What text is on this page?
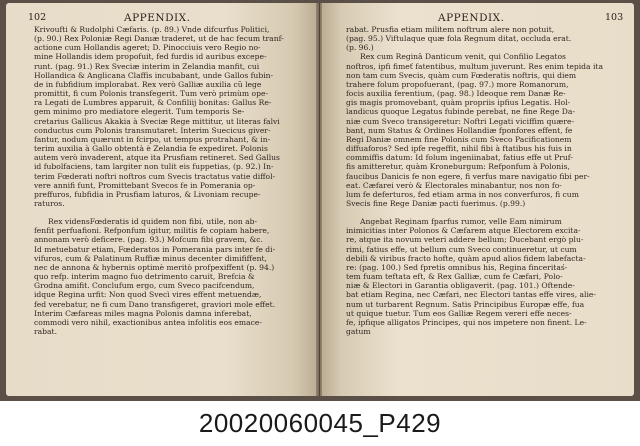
102	APPENDIX.
Krivoufti & Rudolphi Cæfaris. (p. 89.) Vnde difcurfus Politici,
(p. 90.) Rex Poloniæ Regi Danıæ traderet, ut de hac fecum tranf-
actione cum Hollandis ageret; D. Pinocciuis vero Regio no-
mine Hollandis idem propofuit, fed furdis id auribus excepe-
runt. (pag. 91.) Rex Sveciæ interim in Zelandia manfit, cui
Hollandica & Anglicana Claffis incubabant, unde Gallos fubin-
de in fubfidium implorabat. Rex verò Galliæ auxilia cũ lege
promittit, fi cum Polonis transfegerit. Tum verò primùm ope-
ra Legati de Lumbres apparuit, & Confiliij bonitas: Gallus Re-
gem minimo pro mediatore elegerit. Tum temporis Se-
cretarius Gallicus Akakia à Sveciæ Rege mittitur, ut literas falvi
conductus cum Polonis transmutaret. Interim Suecicus giver-
fantur, nodum quærunt in fcirpo, ut tempus protrahant, & in-
terim auxilia à Gallo obtentà è Zelandia fe expediret. Polonis
autem verò invaderent, atque ita Prusfiam retineret. Sed Gallus
id fubolfaciens, tam largiter non tulit eis fuppetias, (p. 92.) In-
terim Fœderati noftri noftros cum Svecis tractatus vatie diffol-
vere annifi funt, Promittebant Svecos fe in Pomerania op-
preffuros, fubfidia in Prusfiam laturos, & Livoniam recupe-
raturos.
Rex vidensFœderatis id quidem non fibi, utile, non ab-
fenfit perfuafioni. Refponfum igitur, militis fe copiam habere,
annonam verò deficere. (pag. 93.) Mofcum fibi gravem, &c.
Id metuebatur etiam, Fœderatos in Pomerania pars inter fe di-
vifuros, cum & Palatinum Ruffiæ minus decenter dimififfent,
nec de annona & hybernis optimè meritò profpexiffent (p. 94.)
quo refp. interim magno fuo detrimento caruit, Brefcia &
Grodna amifit. Conclufum ergo, cum Sveco pacifcendum,
idque Regina urfit: Non quod Svecì vires effent metuendæ,
fed verebatur, ne fi cum Dano transfigeret, graviori mole effet.
Interim Cæfareas miles magna Polonis damna inferebat,
commodi vero nihil, exactionibus antea infolitis eos emace-
rabat.
APPENDIX.	103
rabat. Prusfia etiam militem noftrum alere non potuit,
(pag. 95.) Viftulaque quæ fola Regnum ditat, occluda erat.
(p. 96.)
Rex cum Reginâ Danticum venit, qui Confilio Legatos
noftros, ipfi fimeť fatentibus, multum juverunt. Res enim tepida ita
non tam cum Svecis, quàm cum Fœderatis noftris, qui diem
trahere folum propofuerant, (pag. 97.) more Romanorum,
focis auxilia ferentium, (pag. 98.) Ideoque rem Danæ Re-
gis magis promovebant, quàm propriis ipfius Legatis. Hol-
landicus quoque Legatus fubinde perebat, ne fine Rege Da-
niæ cum Sveco transigeretur: Noftri Legati viciffim quære-
bant, num Status & Ordines Hollandiæ fponfores effent, fe
Regi Daniæ omnem fine Polonis cum Sveco Pacificationem
diffuaforos? Sed ipfe regeffit, nihil fibi à ftatibus his fuis in
commiffis datum: Id folum ingeniinabat, fatius effe ut Pruf-
fis amitteretur, quàm Kroneburgum: Refponfum à Polonis,
faucibus Danicis fe non egere, fi verfus mare navigatio fibi per-
eat. Cæfarei verò & Electorales minabantur, nos non fo-
lum fe deferturos, fed etiam arma in nos converfuros, fi cum
Svecis fine Rege Daniæ pacti fuerimus. (p.99.)
Angebat Reginam fparfus rumor, velle Eam nimirum
inimicitias inter Polonos & Cæfarem atque Electorem excita-
re, atque ita novum veteri addere bellum; Ducebant ergò plu-
rimi, fatius effe, ut bellum cum Sveco continueretur, ut cum
debili & viribus fracto hofte, quàm apud alios fidem labefacta-
re: (pag. 100.) Sed fpretis omnibus his, Regina finceritaś-
tem fuam teftata eft, & Rex Galliæ, cum fe Cæfari, Polo-
niæ & Electori in Garantia obligaverit. (pag. 101.) Oftende-
bat etiam Regina, nec Cæfari, nec Electori tantas effe vires, alie-
num ut turbarent Regnum. Satis Principibus Europæ effe, fua
ut quique tuetur. Tum eos Galliæ Regem vereri effe neces-
fe, ipfique alligatos Principes, qui nos impetere non finent. Le-
gatum
20020060045_P429
